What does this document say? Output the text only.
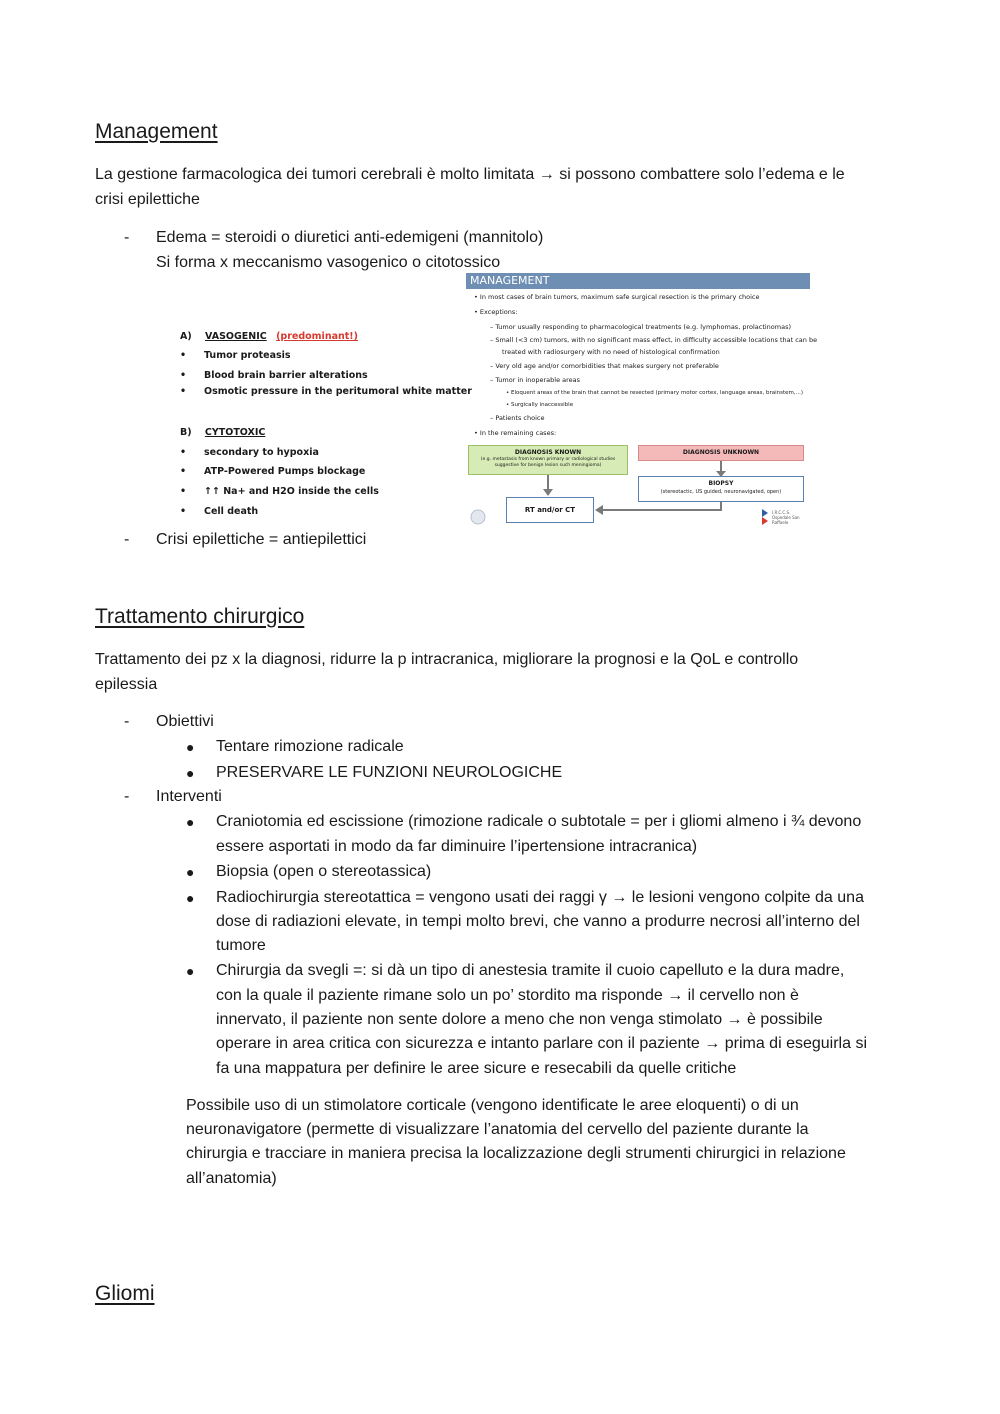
Management

La gestione farmacologica dei tumori cerebrali è molto limitata → si possono combattere solo l’edema e le

crisi epilettiche

- Edema = steroidi o diuretici anti-edemigeni (mannitolo)
Si forma x meccanismo vasogenico o citotossico
A) VASOGENIC (predominant!)
• Tumor proteasis
• Blood brain barrier alterations
• Osmotic pressure in the peritumoral white matter
B) CYTOTOXIC
• secondary to hypoxia
• ATP-Powered Pumps blockage
• ↑↑ Na+ and H2O inside the cells
• Cell death
MANAGEMENT
• In most cases of brain tumors, maximum safe surgical resection is the primary choice
• Exceptions:
– Tumor usually responding to pharmacological treatments (e.g. lymphomas, prolactinomas)
– Small (<3 cm) tumors, with no significant mass effect, in difficulty accessible locations that can be
treated with radiosurgery with no need of histological confirmation
– Very old age and/or comorbidities that makes surgery not preferable
– Tumor in inoperable areas
• Eloquent areas of the brain that cannot be resected (primary motor cortex, language areas, brainstem,...)
• Surgically inaccessible
– Patients choice
• In the remaining cases:
DIAGNOSIS KNOWN
(e.g. metastasis from known primary or radiological studies suggestive for benign lesion such meningioma)
DIAGNOSIS UNKNOWN
BIOPSY
(stereotactic, US guided, neuronavigated, open)
RT and/or CT	I.R.C.C.S. Ospedale San Raffaele
- Crisi epilettiche = antiepilettici
Trattamento chirurgico

Trattamento dei pz x la diagnosi, ridurre la p intracranica, migliorare la prognosi e la QoL e controllo

epilessia

- Obiettivi
● Tentare rimozione radicale
● PRESERVARE LE FUNZIONI NEUROLOGICHE
- Interventi
● Craniotomia ed escissione (rimozione radicale o subtotale = per i gliomi almeno i ¾ devono
essere asportati in modo da far diminuire l’ipertensione intracranica)
● Biopsia (open o stereotassica)
● Radiochirurgia stereotattica = vengono usati dei raggi γ → le lesioni vengono colpite da una
dose di radiazioni elevate, in tempi molto brevi, che vanno a produrre necrosi all’interno del
tumore
● Chirurgia da svegli =: si dà un tipo di anestesia tramite il cuoio capelluto e la dura madre,
con la quale il paziente rimane solo un po’ stordito ma risponde → il cervello non è
innervato, il paziente non sente dolore a meno che non venga stimolato → è possibile
operare in area critica con sicurezza e intanto parlare con il paziente → prima di eseguirla si
fa una mappatura per definire le aree sicure e resecabili da quelle critiche
Possibile uso di un stimolatore corticale (vengono identificate le aree eloquenti) o di un
neuronavigatore (permette di visualizzare l’anatomia del cervello del paziente durante la
chirurgia e tracciare in maniera precisa la localizzazione degli strumenti chirurgici in relazione
all’anatomia)
Gliomi
